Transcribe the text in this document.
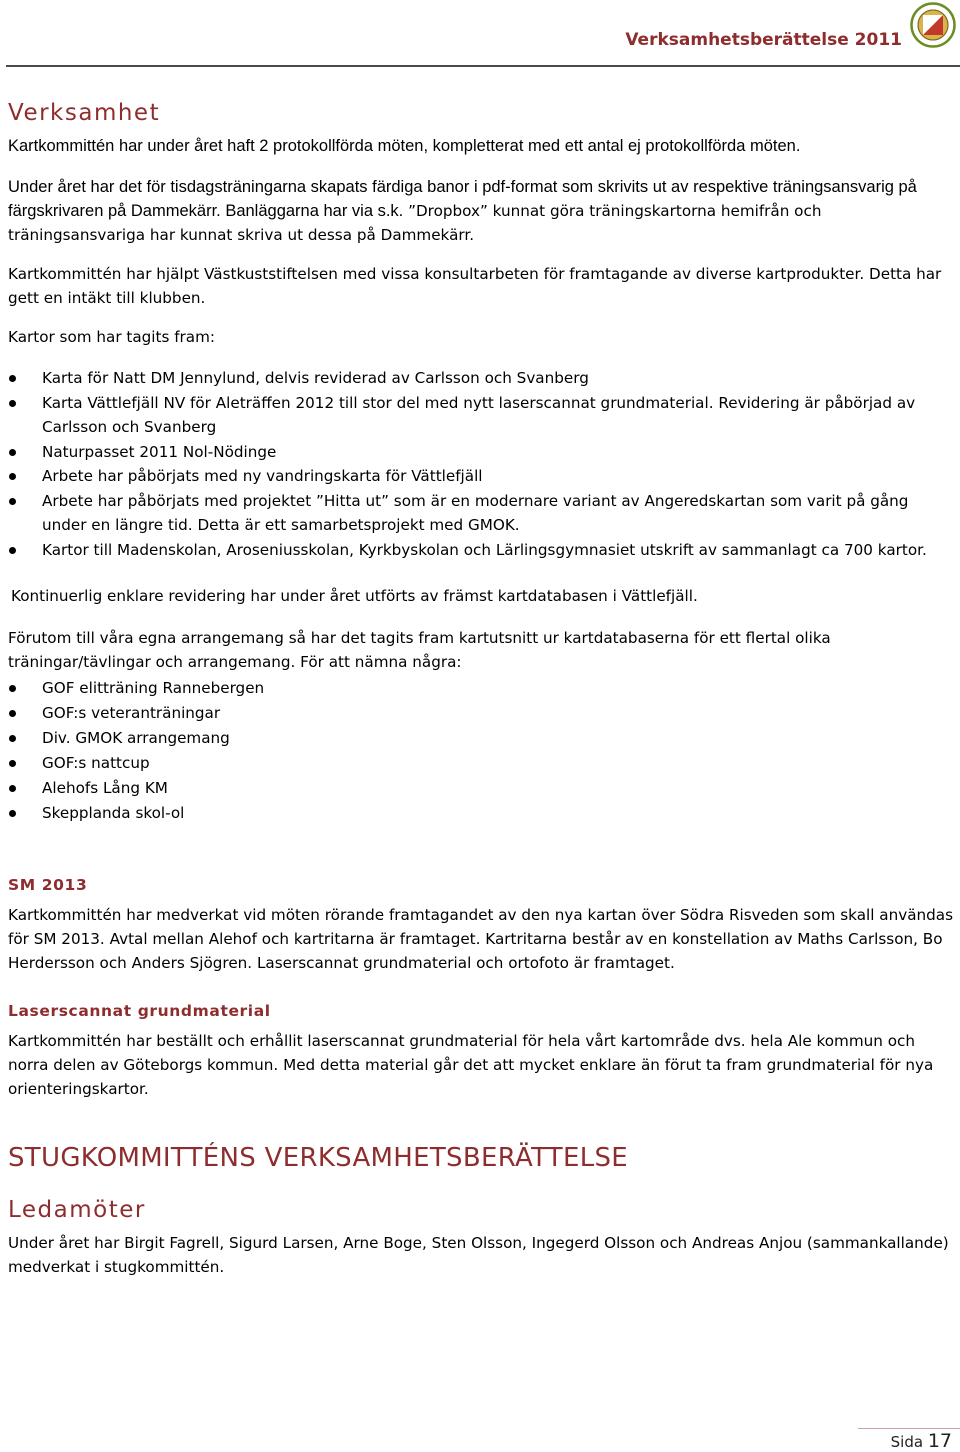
Verksamhetsberättelse 2011
Verksamhet

Kartkommittén har under året haft 2 protokollförda möten, kompletterat med ett antal ej protokollförda möten.

Under året har det för tisdagsträningarna skapats färdiga banor i pdf-format som skrivits ut av respektive träningsansvarig på färgskrivaren på Dammekärr. Banläggarna har via s.k. ”Dropbox” kunnat göra träningskartorna hemifrån och träningsansvariga har kunnat skriva ut dessa på Dammekärr.

Kartkommittén har hjälpt Västkuststiftelsen med vissa konsultarbeten för framtagande av diverse kartprodukter. Detta har gett en intäkt till klubben.

Kartor som har tagits fram:

Karta för Natt DM Jennylund, delvis reviderad av Carlsson och Svanberg
Karta Vättlefjäll NV för Aleträffen 2012 till stor del med nytt laserscannat grundmaterial. Revidering är påbörjad av Carlsson och Svanberg
Naturpasset 2011 Nol-Nödinge
Arbete har påbörjats med ny vandringskarta för Vättlefjäll
Arbete har påbörjats med projektet ”Hitta ut” som är en modernare variant av Angeredskartan som varit på gång under en längre tid. Detta är ett samarbetsprojekt med GMOK.
Kartor till Madenskolan, Aroseniusskolan, Kyrkbyskolan och Lärlingsgymnasiet utskrift av sammanlagt ca 700 kartor.

Kontinuerlig enklare revidering har under året utförts av främst kartdatabasen i Vättlefjäll.

Förutom till våra egna arrangemang så har det tagits fram kartutsnitt ur kartdatabaserna för ett flertal olika träningar/tävlingar och arrangemang. För att nämna några:

GOF elitträning Rannebergen
GOF:s veteranträningar
Div. GMOK arrangemang
GOF:s nattcup
Alehofs Lång KM
Skepplanda skol-ol
SM 2013

Kartkommittén har medverkat vid möten rörande framtagandet av den nya kartan över Södra Risveden som skall användas för SM 2013. Avtal mellan Alehof och kartritarna är framtaget. Kartritarna består av en konstellation av Maths Carlsson, Bo Herdersson och Anders Sjögren. Laserscannat grundmaterial och ortofoto är framtaget.

Laserscannat grundmaterial

Kartkommittén har beställt och erhållit laserscannat grundmaterial för hela vårt kartområde dvs. hela Ale kommun och norra delen av Göteborgs kommun. Med detta material går det att mycket enklare än förut ta fram grundmaterial för nya orienteringskartor.

STUGKOMMITTÉNS VERKSAMHETSBERÄTTELSE
Ledamöter

Under året har Birgit Fagrell, Sigurd Larsen, Arne Boge, Sten Olsson, Ingegerd Olsson och Andreas Anjou (sammankallande) medverkat i stugkommittén.

Sida 17
